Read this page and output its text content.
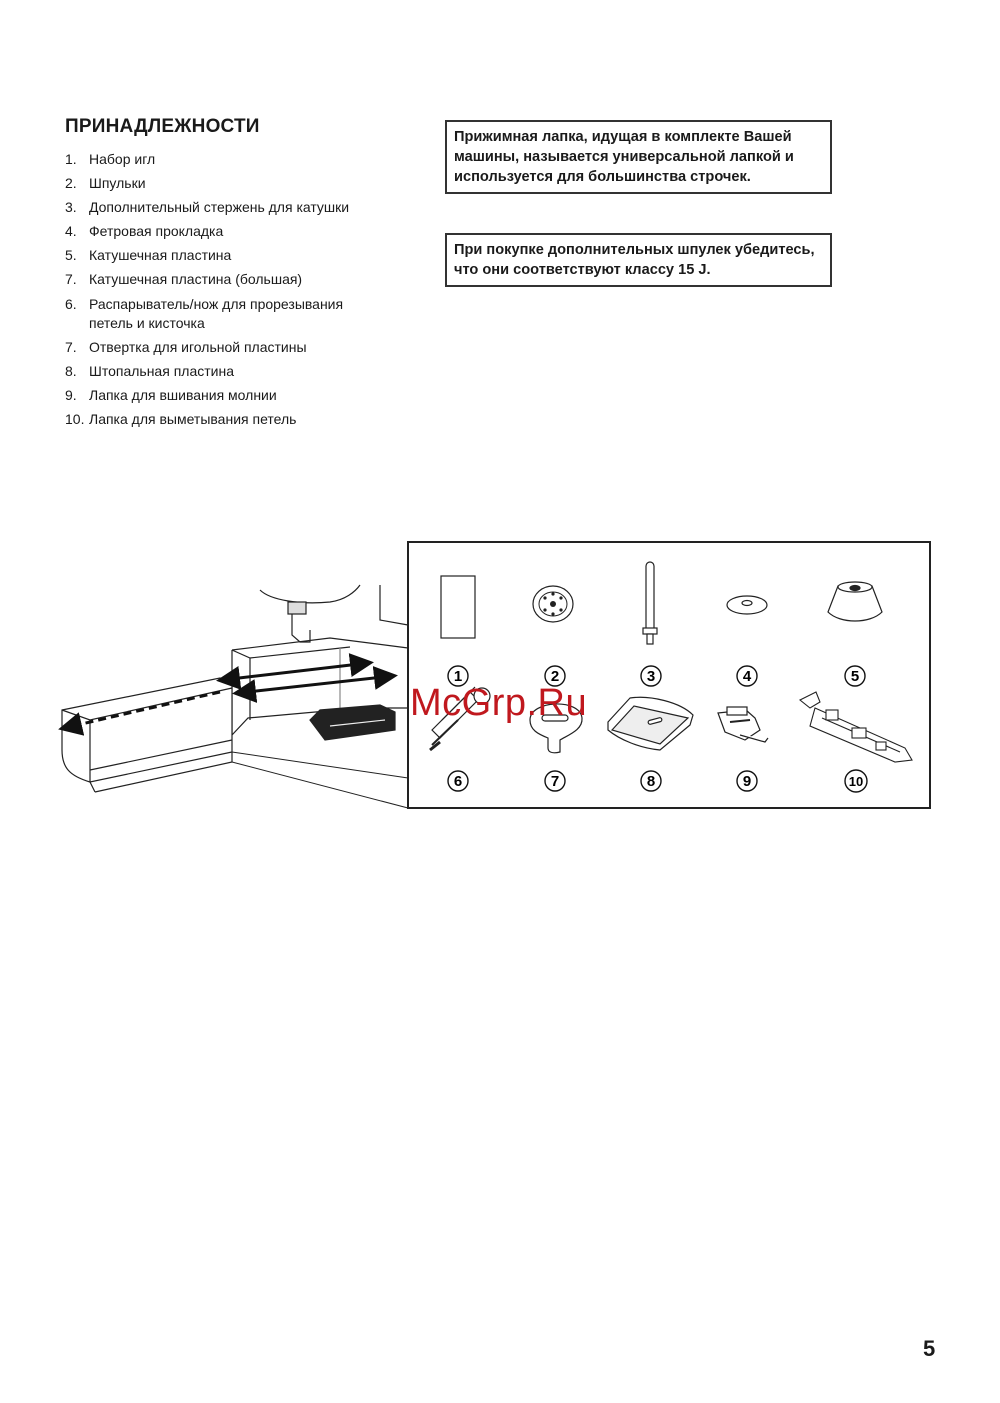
ПРИНАДЛЕЖНОСТИ
1. Набор игл
2. Шпульки
3. Дополнительный стержень для катушки
4. Фетровая прокладка
5. Катушечная пластина
7. Катушечная пластина (большая)
6. Распарыватель/нож для прорезывания петель и кисточка
7. Отвертка для игольной пластины
8. Штопальная пластина
9. Лапка для вшивания молнии
10. Лапка для выметывания петель
Прижимная лапка, идущая в комплекте Вашей машины, называется универсальной лапкой и используется для большинства строчек.
При покупке дополнительных шпулек убедитесь, что они соответствуют классу 15 J.
1	2	3	4	5
6	7	8	9	10
McGrp.Ru
5
